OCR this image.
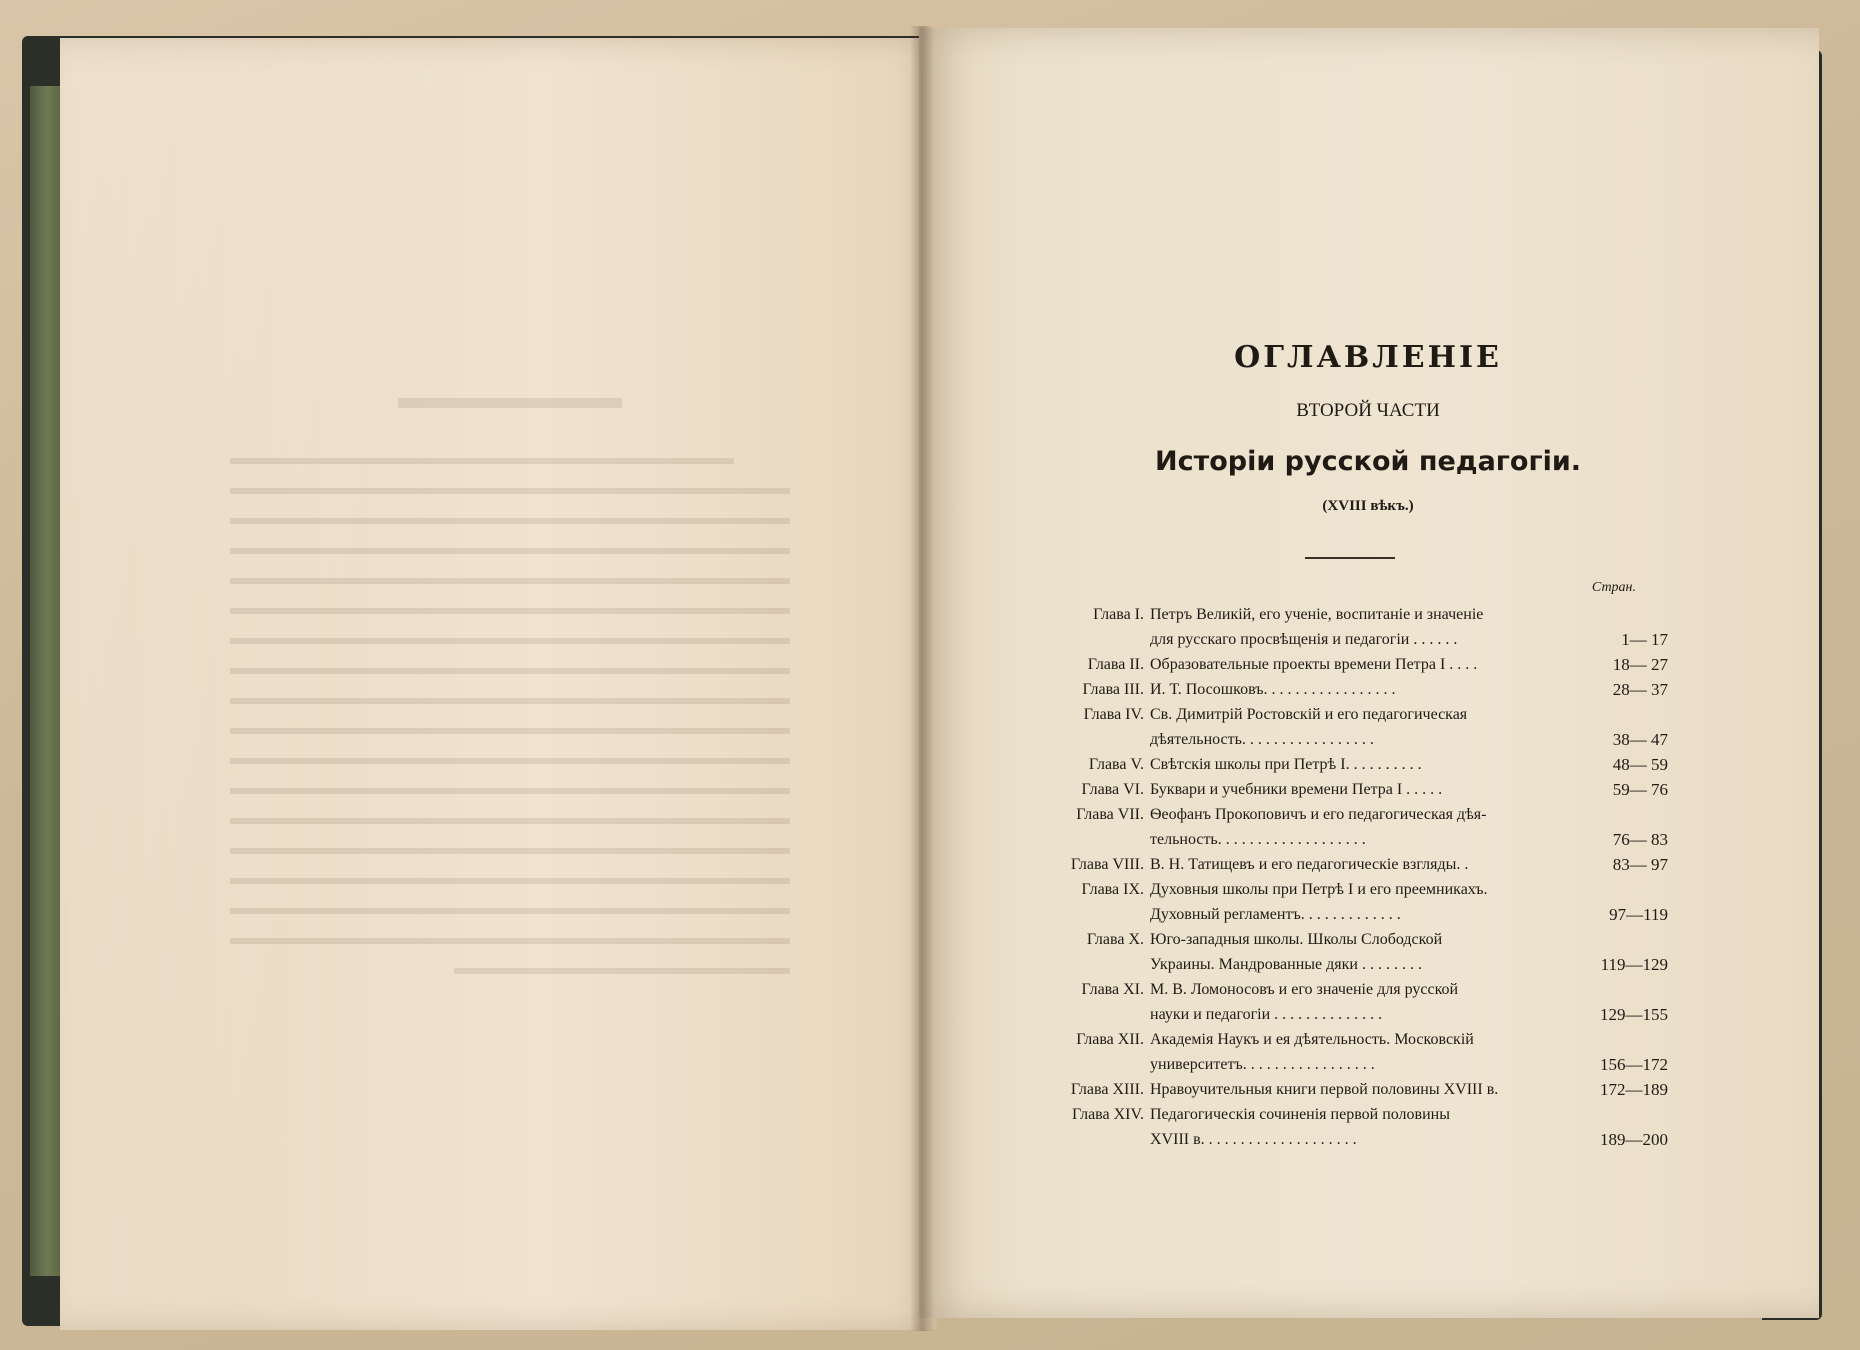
ОГЛАВЛЕНІЕ
ВТОРОЙ ЧАСТИ
Исторіи русской педагогіи.
(XVIII вѣкъ.)
Стран.
Глава I. Петръ Великій, его ученіе, воспитаніе и значеніе
для русскаго просвѣщенія и педагогіи . . . . . .	1— 17
Глава II. Образовательные проекты времени Петра I . . . .	18— 27
Глава III. И. Т. Посошковъ. . . . . . . . . . . . . . . . .	28— 37
Глава IV. Св. Димитрій Ростовскій и его педагогическая
дѣятельность. . . . . . . . . . . . . . . . .	38— 47
Глава V. Свѣтскія школы при Петрѣ I. . . . . . . . . .	48— 59
Глава VI. Буквари и учебники времени Петра I . . . . .	59— 76
Глава VII. Ѳеофанъ Прокоповичъ и его педагогическая дѣя-
тельность. . . . . . . . . . . . . . . . . . .	76— 83
Глава VIII. В. Н. Татищевъ и его педагогическіе взгляды. .	83— 97
Глава IX. Духовныя школы при Петрѣ I и его преемникахъ.
Духовный регламентъ. . . . . . . . . . . . .	97—119
Глава X. Юго-западныя школы. Школы Слободской
Украины. Мандрованные дяки . . . . . . . .	119—129
Глава XI. М. В. Ломоносовъ и его значеніе для русской
науки и педагогіи . . . . . . . . . . . . . .	129—155
Глава XII. Академія Наукъ и ея дѣятельность. Московскій
университетъ. . . . . . . . . . . . . . . . .	156—172
Глава XIII. Нравоучительныя книги первой половины XVIII в.	172—189
Глава XIV. Педагогическія сочиненія первой половины
XVIII в. . . . . . . . . . . . . . . . . . . .	189—200
